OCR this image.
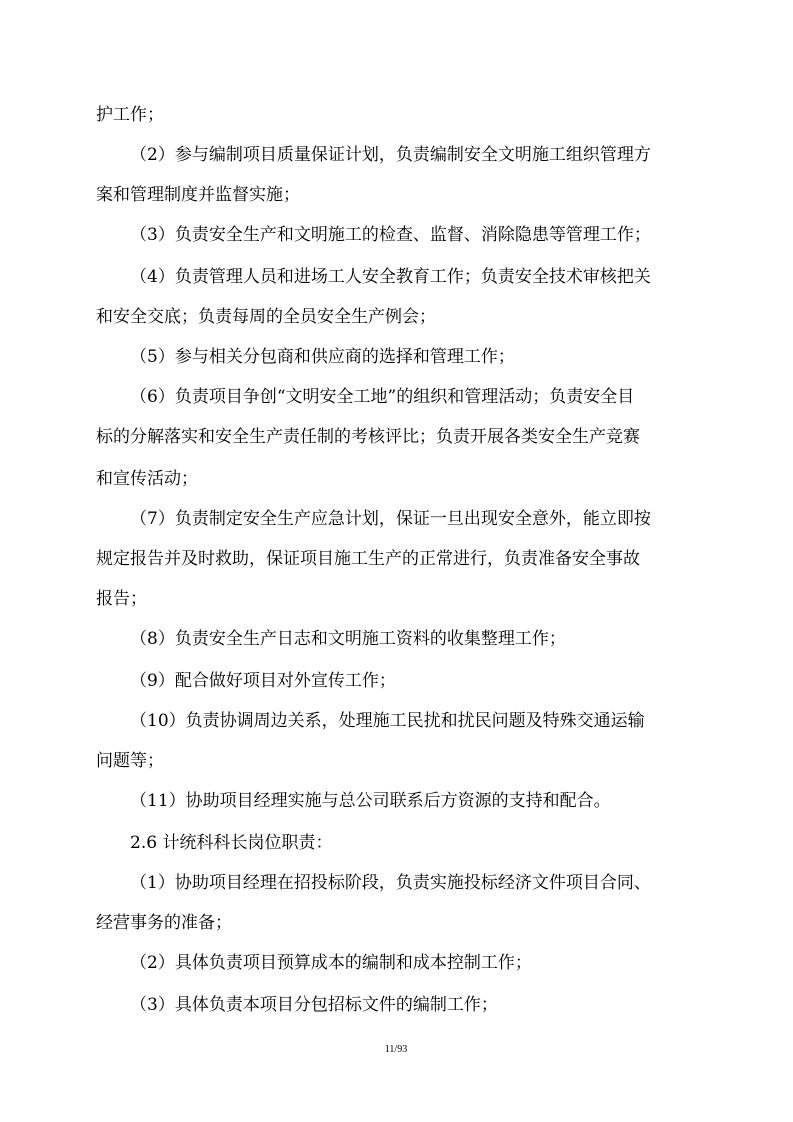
护工作；
（2）参与编制项目质量保证计划，负责编制安全文明施工组织管理方
案和管理制度并监督实施；
（3）负责安全生产和文明施工的检查、监督、消除隐患等管理工作；
（4）负责管理人员和进场工人安全教育工作；负责安全技术审核把关
和安全交底；负责每周的全员安全生产例会；
（5）参与相关分包商和供应商的选择和管理工作；
（6）负责项目争创“文明安全工地”的组织和管理活动；负责安全目
标的分解落实和安全生产责任制的考核评比；负责开展各类安全生产竞赛
和宣传活动；
（7）负责制定安全生产应急计划，保证一旦出现安全意外，能立即按
规定报告并及时救助，保证项目施工生产的正常进行，负责准备安全事故
报告；
（8）负责安全生产日志和文明施工资料的收集整理工作；
（9）配合做好项目对外宣传工作；
（10）负责协调周边关系，处理施工民扰和扰民问题及特殊交通运输
问题等；
（11）协助项目经理实施与总公司联系后方资源的支持和配合。
2.6 计统科科长岗位职责：
（1）协助项目经理在招投标阶段，负责实施投标经济文件项目合同、
经营事务的准备；
（2）具体负责项目预算成本的编制和成本控制工作；
（3）具体负责本项目分包招标文件的编制工作；
11/93
